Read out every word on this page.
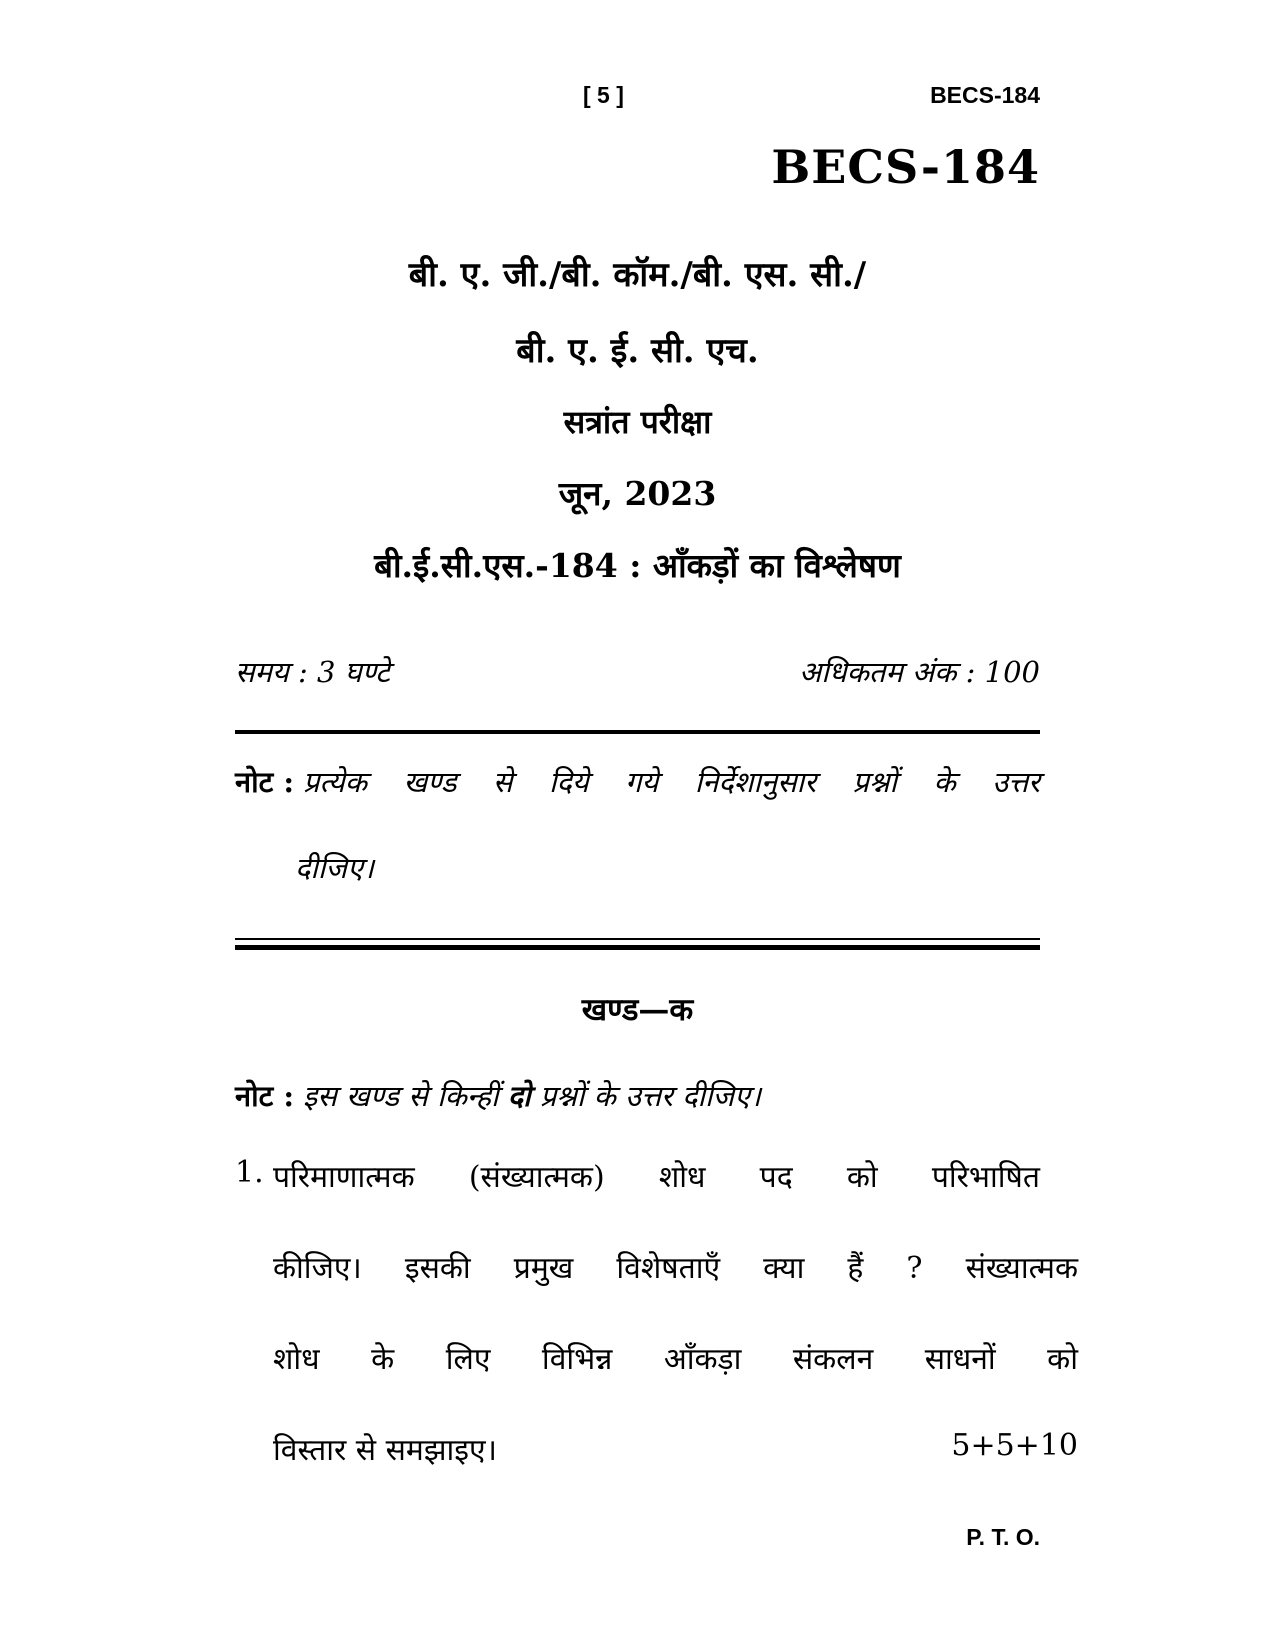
[ 5 ]	BECS-184
BECS-184
बी. ए. जी./बी. कॉम./बी. एस. सी./
बी. ए. ई. सी. एच.
सत्रांत परीक्षा
जून, 2023
बी.ई.सी.एस.-184 : आँकड़ों का विश्लेषण
समय : 3 घण्टे	अधिकतम अंक : 100
नोट : प्रत्येक खण्ड से दिये गये निर्देशानुसार प्रश्नों के उत्तर
दीजिए।
खण्ड—क
नोट : इस खण्ड से किन्हीं दो प्रश्नों के उत्तर दीजिए।
1. परिमाणात्मक (संख्यात्मक) शोध पद को परिभाषित
कीजिए। इसकी प्रमुख विशेषताएँ क्या हैं ? संख्यात्मक
शोध के लिए विभिन्न आँकड़ा संकलन साधनों को
विस्तार से समझाइए।	5+5+10
P. T. O.
